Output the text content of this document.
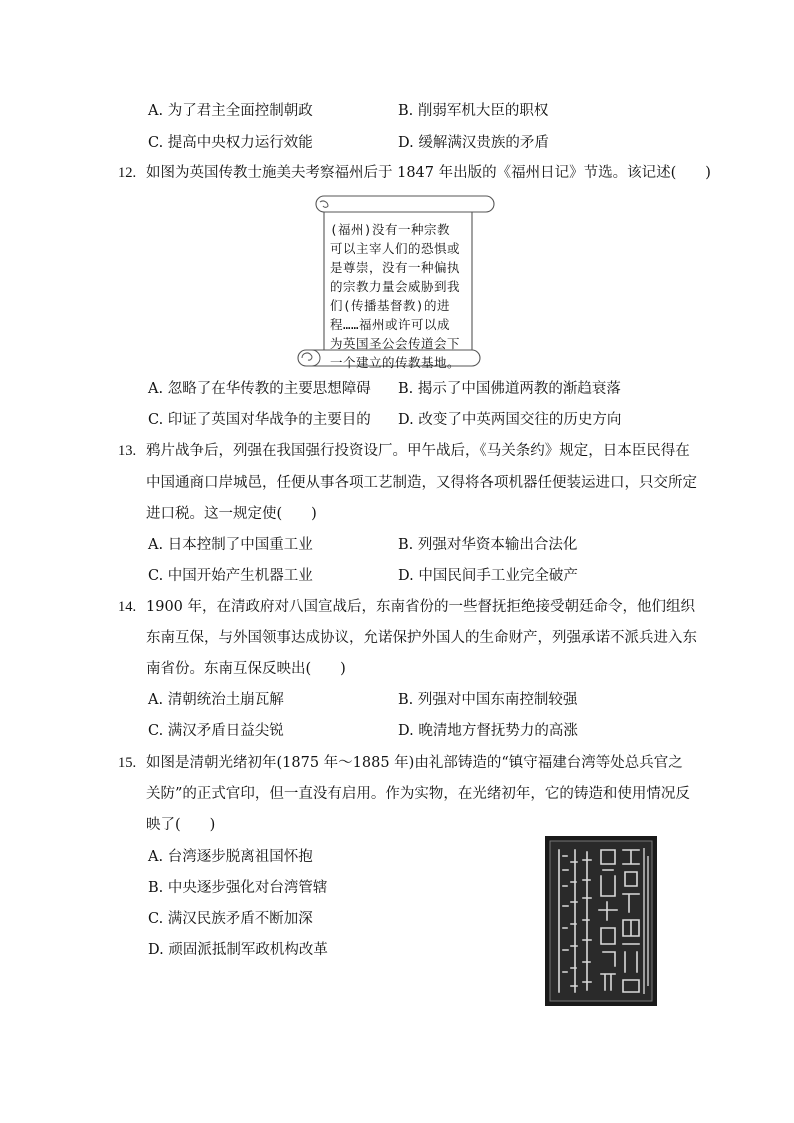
A. 为了君主全面控制朝政	B. 削弱军机大臣的职权
C. 提高中央权力运行效能	D. 缓解满汉贵族的矛盾
12. 如图为英国传教士施美夫考察福州后于 1847 年出版的《福州日记》节选。该记述(　　)
(福州)没有一种宗教
可以主宰人们的恐惧或
是尊崇，没有一种偏执
的宗教力量会威胁到我
们(传播基督教)的进
程……福州或许可以成
为英国圣公会传道会下
一个建立的传教基地。
A. 忽略了在华传教的主要思想障碍 B. 揭示了中国佛道两教的渐趋衰落
C. 印证了英国对华战争的主要目的 D. 改变了中英两国交往的历史方向
13. 鸦片战争后，列强在我国强行投资设厂。甲午战后，《马关条约》规定，日本臣民得在
中国通商口岸城邑，任便从事各项工艺制造，又得将各项机器任便装运进口，只交所定
进口税。这一规定使(　　)
A. 日本控制了中国重工业	B. 列强对华资本输出合法化
C. 中国开始产生机器工业	D. 中国民间手工业完全破产
14. 1900 年，在清政府对八国宣战后，东南省份的一些督抚拒绝接受朝廷命令，他们组织
东南互保，与外国领事达成协议，允诺保护外国人的生命财产，列强承诺不派兵进入东
南省份。东南互保反映出(　　)
A. 清朝统治土崩瓦解	B. 列强对中国东南控制较强
C. 满汉矛盾日益尖锐	D. 晚清地方督抚势力的高涨
15. 如图是清朝光绪初年(1875 年～1885 年)由礼部铸造的“镇守福建台湾等处总兵官之
关防”的正式官印，但一直没有启用。作为实物，在光绪初年，它的铸造和使用情况反
映了(　　)
A. 台湾逐步脱离祖国怀抱
B. 中央逐步强化对台湾管辖
C. 满汉民族矛盾不断加深
D. 顽固派抵制军政机构改革
